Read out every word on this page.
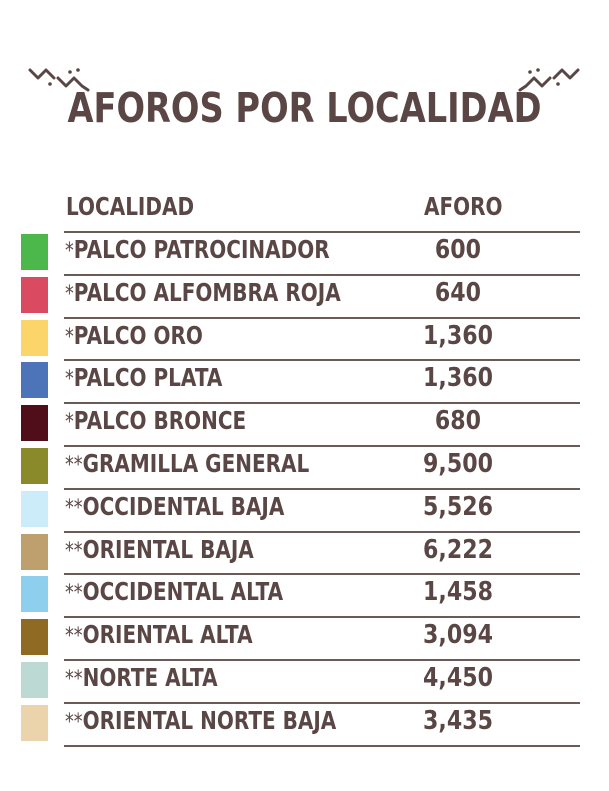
AFOROS POR LOCALIDAD
LOCALIDAD	AFORO
*PALCO PATROCINADOR	600
*PALCO ALFOMBRA ROJA	640
*PALCO ORO	1,360
*PALCO PLATA	1,360
*PALCO BRONCE	680
**GRAMILLA GENERAL	9,500
**OCCIDENTAL BAJA	5,526
**ORIENTAL BAJA	6,222
**OCCIDENTAL ALTA	1,458
**ORIENTAL ALTA	3,094
**NORTE ALTA	4,450
**ORIENTAL NORTE BAJA	3,435
